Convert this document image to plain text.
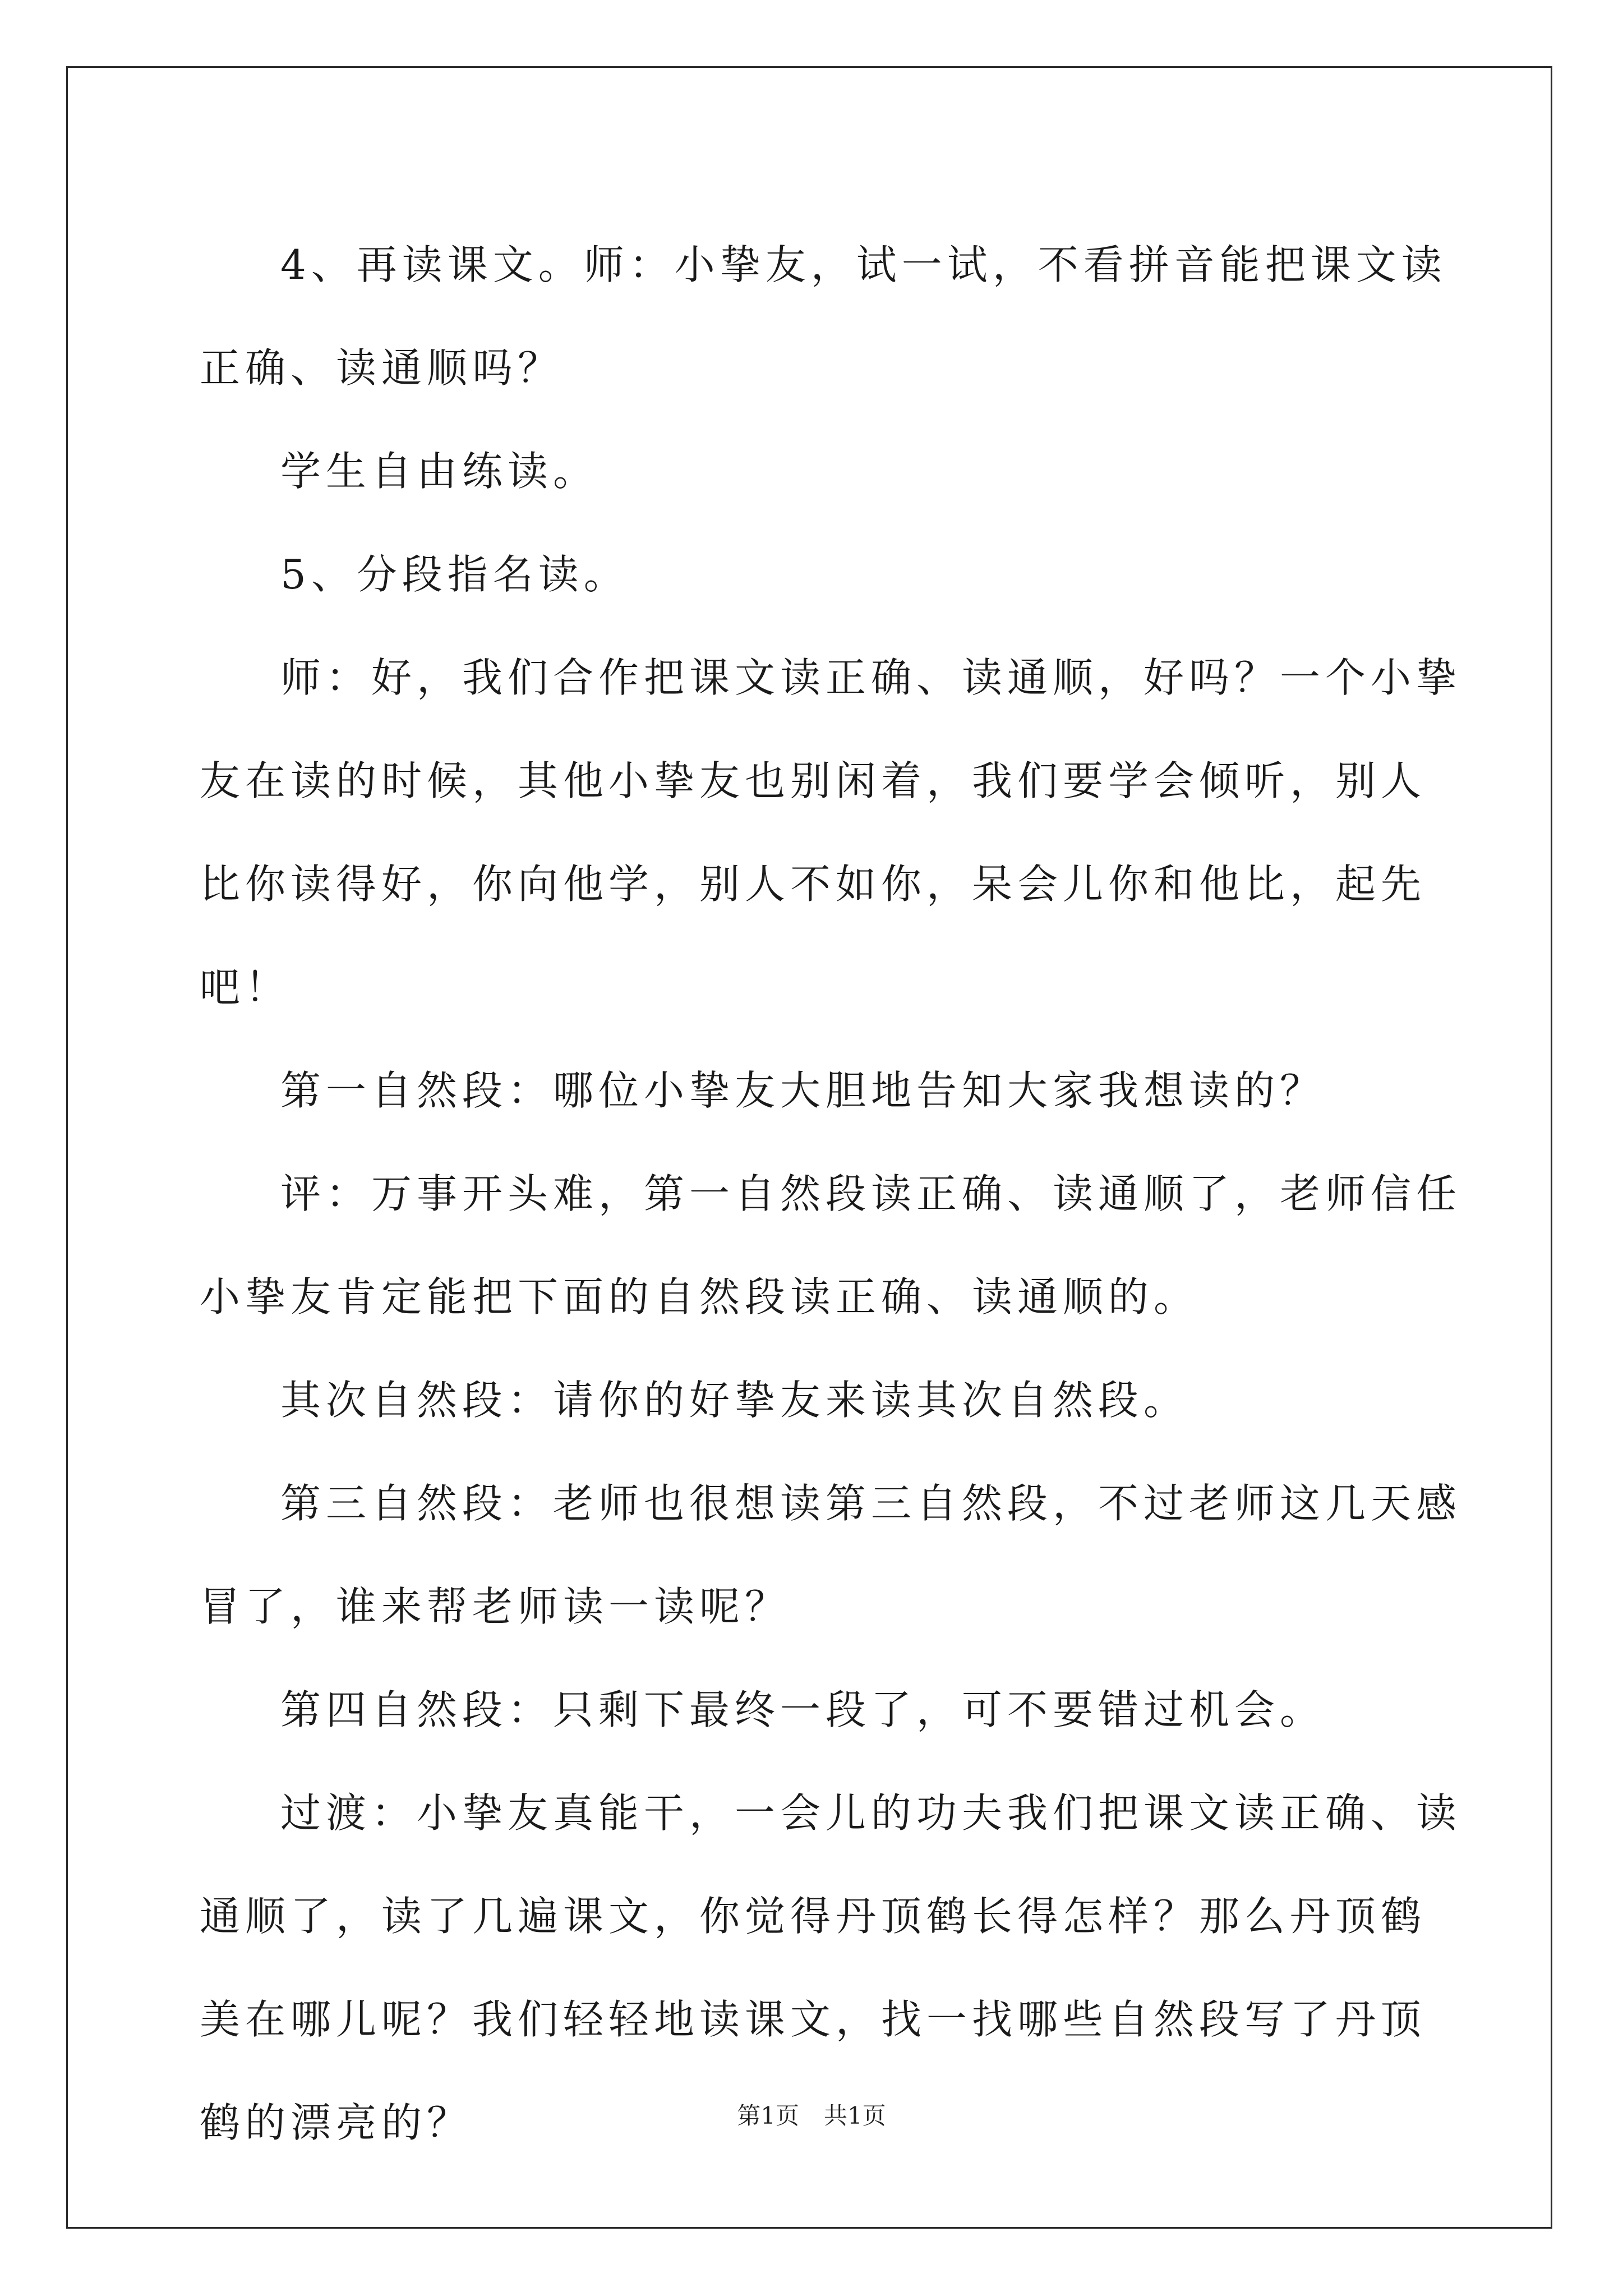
4、再读课文。师：小挚友，试一试，不看拼音能把课文读正确、读通顺吗？

学生自由练读。

5、分段指名读。

师：好，我们合作把课文读正确、读通顺，好吗？一个小挚友在读的时候，其他小挚友也别闲着，我们要学会倾听，别人比你读得好，你向他学，别人不如你，呆会儿你和他比，起先吧！

第一自然段：哪位小挚友大胆地告知大家我想读的？

评：万事开头难，第一自然段读正确、读通顺了，老师信任小挚友肯定能把下面的自然段读正确、读通顺的。

其次自然段：请你的好挚友来读其次自然段。

第三自然段：老师也很想读第三自然段，不过老师这几天感冒了，谁来帮老师读一读呢？

第四自然段：只剩下最终一段了，可不要错过机会。

过渡：小挚友真能干，一会儿的功夫我们把课文读正确、读通顺了，读了几遍课文，你觉得丹顶鹤长得怎样？那么丹顶鹤美在哪儿呢？我们轻轻地读课文，找一找哪些自然段写了丹顶鹤的漂亮的？	第1页 共1页
